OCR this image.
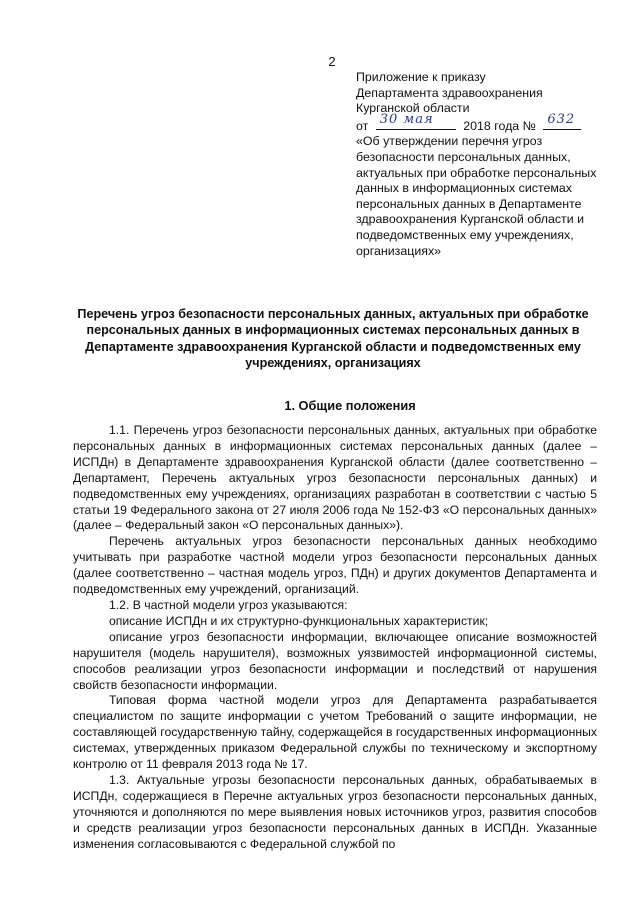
2
Приложение к приказу
Департамента здравоохранения
Курганской области
от 30 мая 2018 года № 632
«Об утверждении перечня угроз безопасности персональных данных, актуальных при обработке персональных данных в информационных системах персональных данных в Департаменте здравоохранения Курганской области и подведомственных ему учреждениях, организациях»
Перечень угроз безопасности персональных данных, актуальных при обработке персональных данных в информационных системах персональных данных в Департаменте здравоохранения Курганской области и подведомственных ему учреждениях, организациях
1. Общие положения

1.1. Перечень угроз безопасности персональных данных, актуальных при обработке персональных данных в информационных системах персональных данных (далее – ИСПДн) в Департаменте здравоохранения Курганской области (далее соответственно – Департамент, Перечень актуальных угроз безопасности персональных данных) и подведомственных ему учреждениях, организациях разработан в соответствии с частью 5 статьи 19 Федерального закона от 27 июля 2006 года № 152-ФЗ «О персональных данных» (далее – Федеральный закон «О персональных данных»).

Перечень актуальных угроз безопасности персональных данных необходимо учитывать при разработке частной модели угроз безопасности персональных данных (далее соответственно – частная модель угроз, ПДн) и других документов Департамента и подведомственных ему учреждений, организаций.

1.2. В частной модели угроз указываются:

описание ИСПДн и их структурно-функциональных характеристик;

описание угроз безопасности информации, включающее описание возможностей нарушителя (модель нарушителя), возможных уязвимостей информационной системы, способов реализации угроз безопасности информации и последствий от нарушения свойств безопасности информации.

Типовая форма частной модели угроз для Департамента разрабатывается специалистом по защите информации с учетом Требований о защите информации, не составляющей государственную тайну, содержащейся в государственных информационных системах, утвержденных приказом Федеральной службы по техническому и экспортному контролю от 11 февраля 2013 года № 17.

1.3. Актуальные угрозы безопасности персональных данных, обрабатываемых в ИСПДн, содержащиеся в Перечне актуальных угроз безопасности персональных данных, уточняются и дополняются по мере выявления новых источников угроз, развития способов и средств реализации угроз безопасности персональных данных в ИСПДн. Указанные изменения согласовываются с Федеральной службой по
